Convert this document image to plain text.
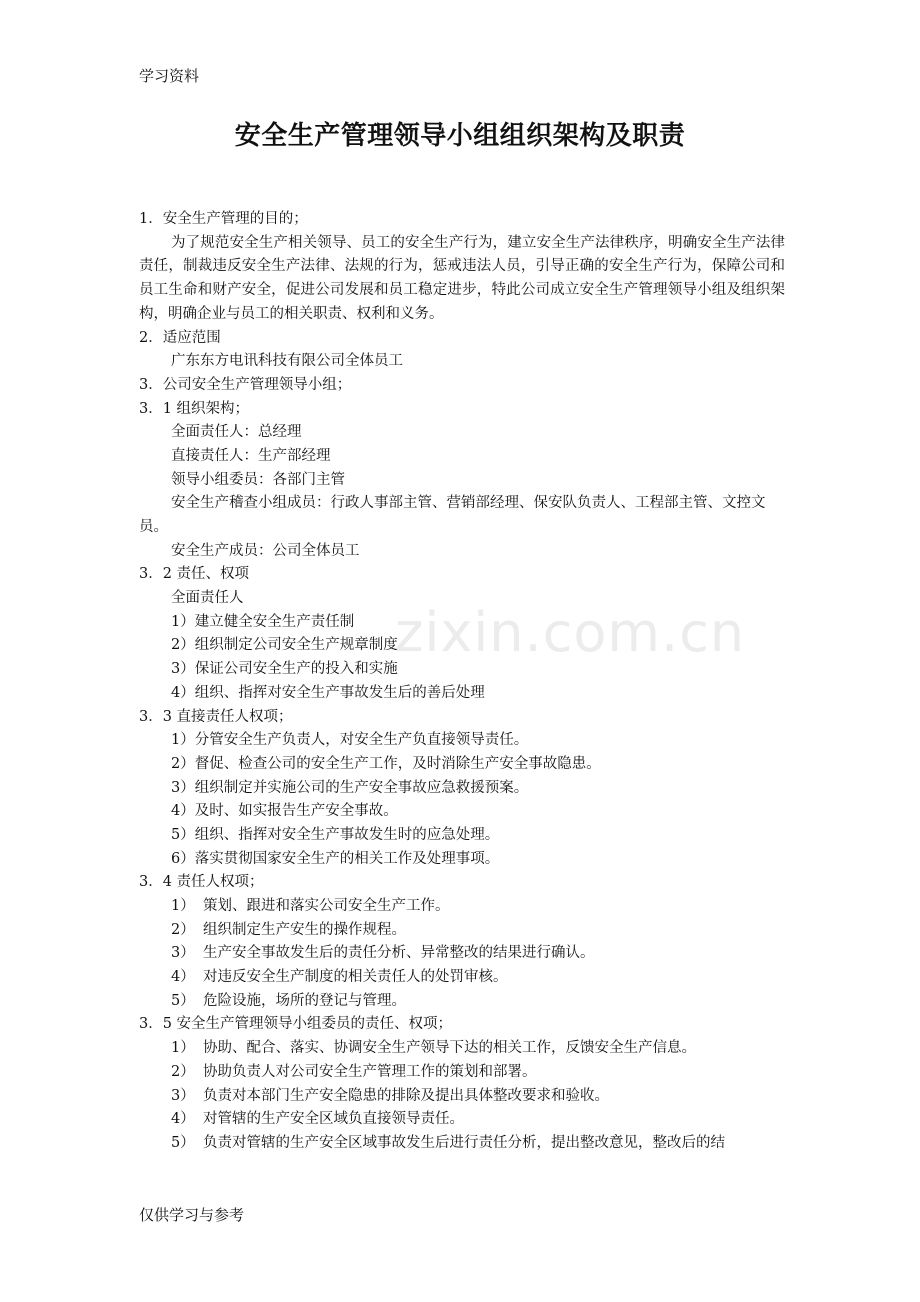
学习资料
安全生产管理领导小组组织架构及职责
zixin.com.cn
1．安全生产管理的目的；
为了规范安全生产相关领导、员工的安全生产行为，建立安全生产法律秩序，明确安全生产法律责任，制裁违反安全生产法律、法规的行为，惩戒违法人员，引导正确的安全生产行为，保障公司和员工生命和财产安全，促进公司发展和员工稳定进步，特此公司成立安全生产管理领导小组及组织架构，明确企业与员工的相关职责、权利和义务。
2．适应范围
广东东方电讯科技有限公司全体员工
3．公司安全生产管理领导小组；
3．1 组织架构；
全面责任人：总经理
直接责任人：生产部经理
领导小组委员：各部门主管
安全生产稽查小组成员：行政人事部主管、营销部经理、保安队负责人、工程部主管、文控文员。
安全生产成员：公司全体员工
3．2 责任、权项
全面责任人
1）建立健全安全生产责任制
2）组织制定公司安全生产规章制度
3）保证公司安全生产的投入和实施
4）组织、指挥对安全生产事故发生后的善后处理
3．3 直接责任人权项；
1）分管安全生产负责人，对安全生产负直接领导责任。
2）督促、检查公司的安全生产工作，及时消除生产安全事故隐患。
3）组织制定并实施公司的生产安全事故应急救援预案。
4）及时、如实报告生产安全事故。
5）组织、指挥对安全生产事故发生时的应急处理。
6）落实贯彻国家安全生产的相关工作及处理事项。
3．4 责任人权项；
1） 策划、跟进和落实公司安全生产工作。
2） 组织制定生产安生的操作规程。
3） 生产安全事故发生后的责任分析、异常整改的结果进行确认。
4） 对违反安全生产制度的相关责任人的处罚审核。
5） 危险设施，场所的登记与管理。
3．5 安全生产管理领导小组委员的责任、权项；
1） 协助、配合、落实、协调安全生产领导下达的相关工作，反馈安全生产信息。
2） 协助负责人对公司安全生产管理工作的策划和部署。
3） 负责对本部门生产安全隐患的排除及提出具体整改要求和验收。
4） 对管辖的生产安全区域负直接领导责任。
5） 负责对管辖的生产安全区域事故发生后进行责任分析，提出整改意见，整改后的结
仅供学习与参考
